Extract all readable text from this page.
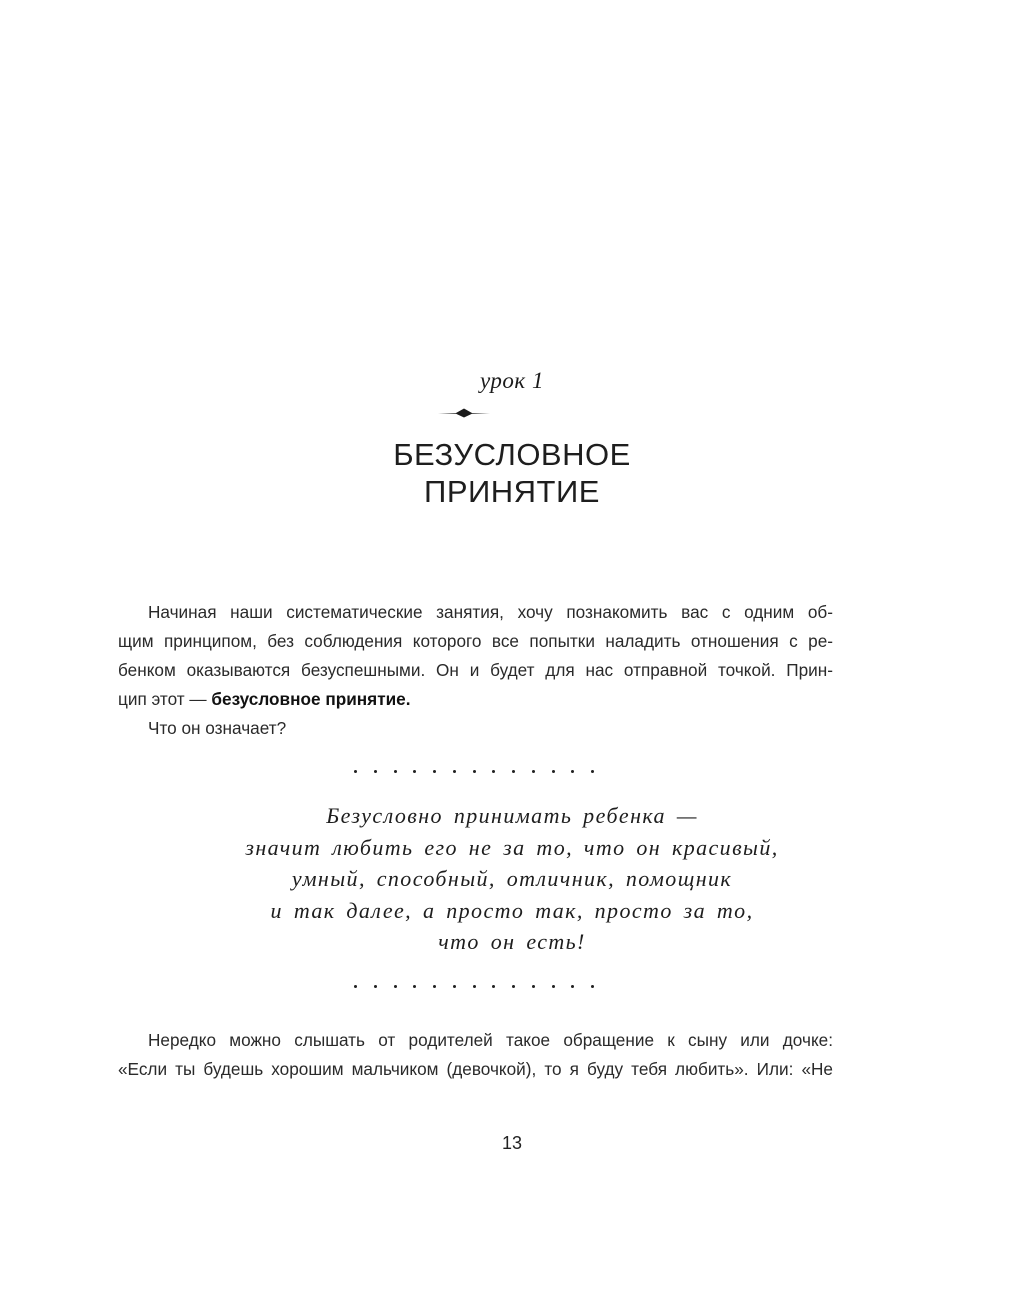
урок 1
БЕЗУСЛОВНОЕ
ПРИНЯТИЕ

Начиная наши систематические занятия, хочу познакомить вас с одним об-
щим принципом, без соблюдения которого все попытки наладить отношения с ре-
бенком оказываются безуспешными. Он и будет для нас отправной точкой. Прин-
цип этот — безусловное принятие.

Что он означает?

Безусловно принимать ребенка —
значит любить его не за то, что он красивый,
умный, способный, отличник, помощник
и так далее, а просто так, просто за то,
что он есть!

Нередко можно слышать от родителей такое обращение к сыну или дочке:
«Если ты будешь хорошим мальчиком (девочкой), то я буду тебя любить». Или: «Не

13
